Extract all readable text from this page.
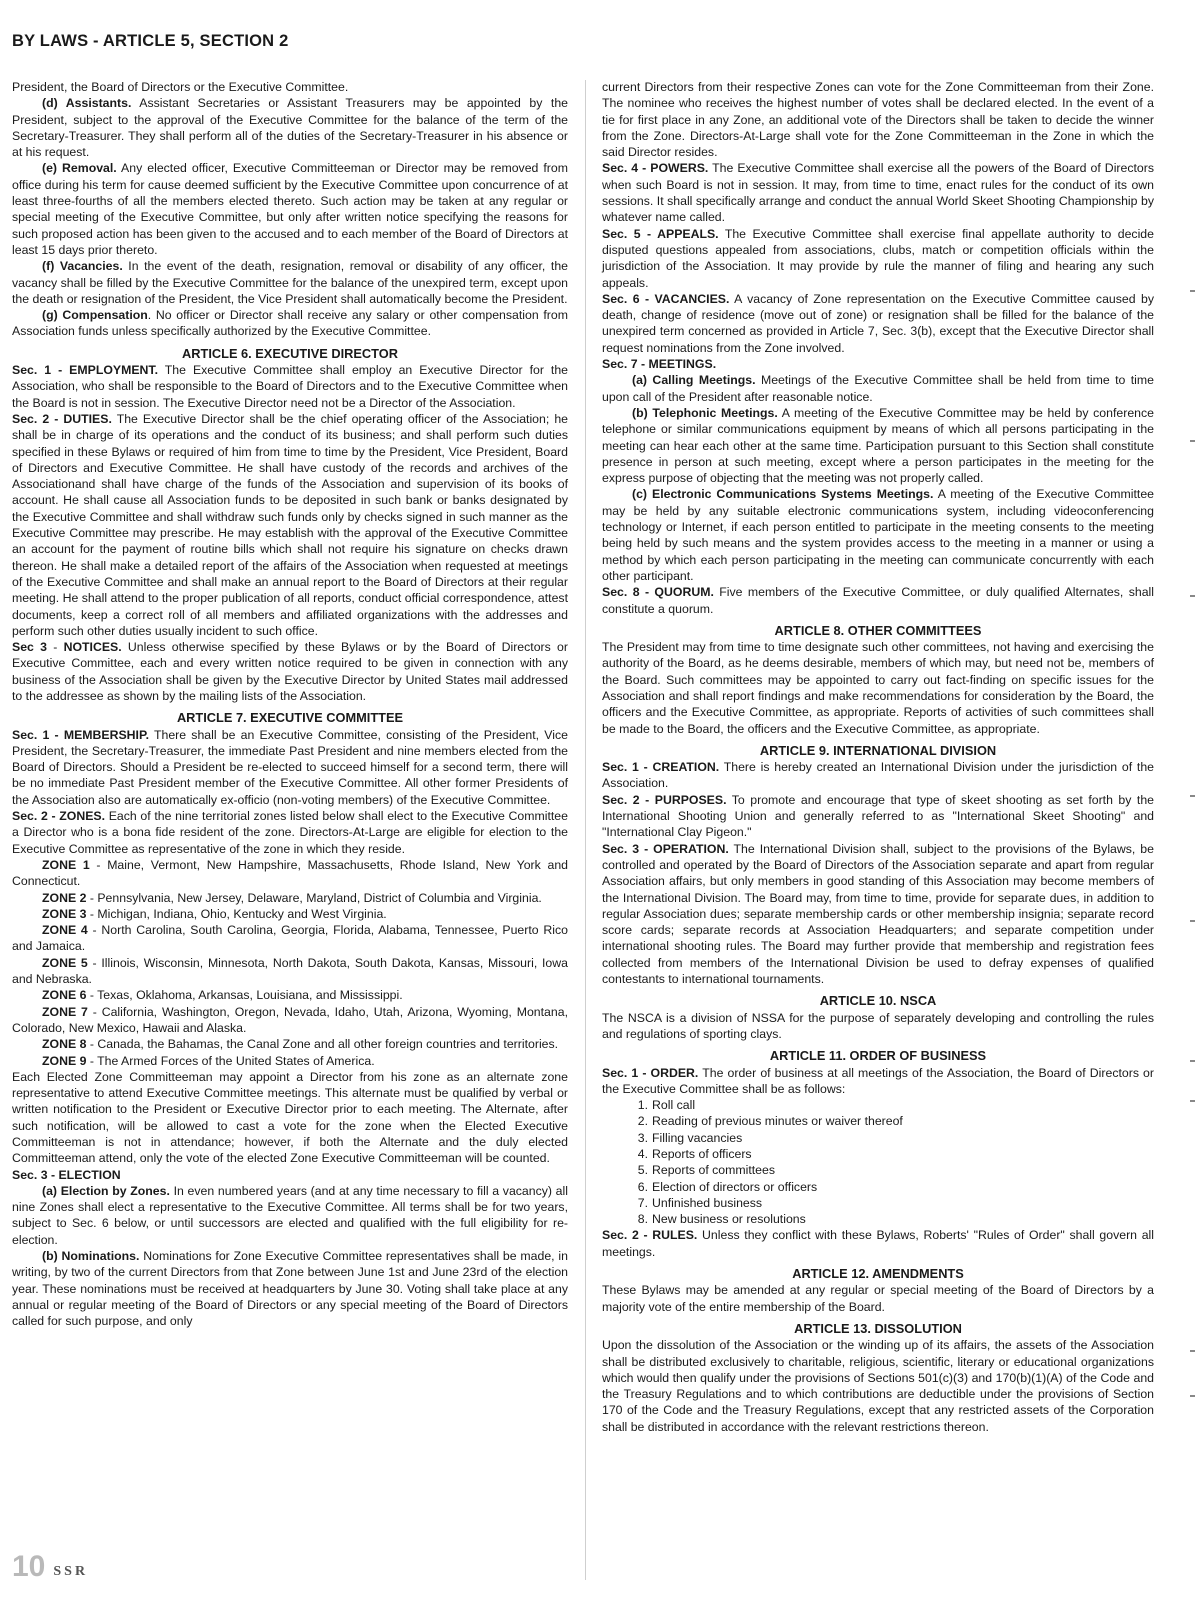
BY LAWS - ARTICLE 5, SECTION 2

President, the Board of Directors or the Executive Committee.

(d) Assistants. Assistant Secretaries or Assistant Treasurers may be appointed by the President, subject to the approval of the Executive Committee for the balance of the term of the Secretary-Treasurer. They shall perform all of the duties of the Secretary-Treasurer in his absence or at his request.

(e) Removal. Any elected officer, Executive Committeeman or Director may be removed from office during his term for cause deemed sufficient by the Executive Committee upon concurrence of at least three-fourths of all the members elected thereto. Such action may be taken at any regular or special meeting of the Executive Committee, but only after written notice specifying the reasons for such proposed action has been given to the accused and to each member of the Board of Directors at least 15 days prior thereto.

(f) Vacancies. In the event of the death, resignation, removal or disability of any officer, the vacancy shall be filled by the Executive Committee for the balance of the unexpired term, except upon the death or resignation of the President, the Vice President shall automatically become the President.

(g) Compensation. No officer or Director shall receive any salary or other compensation from Association funds unless specifically authorized by the Executive Committee.

ARTICLE 6. EXECUTIVE DIRECTOR

Sec. 1 - EMPLOYMENT. The Executive Committee shall employ an Executive Director for the Association, who shall be responsible to the Board of Directors and to the Executive Committee when the Board is not in session. The Executive Director need not be a Director of the Association.

Sec. 2 - DUTIES. The Executive Director shall be the chief operating officer of the Association; he shall be in charge of its operations and the conduct of its business; and shall perform such duties specified in these Bylaws or required of him from time to time by the President, Vice President, Board of Directors and Executive Committee. He shall have custody of the records and archives of the Associationand shall have charge of the funds of the Association and supervision of its books of account. He shall cause all Association funds to be deposited in such bank or banks designated by the Executive Committee and shall withdraw such funds only by checks signed in such manner as the Executive Committee may prescribe. He may establish with the approval of the Executive Committee an account for the payment of routine bills which shall not require his signature on checks drawn thereon. He shall make a detailed report of the affairs of the Association when requested at meetings of the Executive Committee and shall make an annual report to the Board of Directors at their regular meeting. He shall attend to the proper publication of all reports, conduct official correspondence, attest documents, keep a correct roll of all members and affiliated organizations with the addresses and perform such other duties usually incident to such office.

Sec 3 - NOTICES. Unless otherwise specified by these Bylaws or by the Board of Directors or Executive Committee, each and every written notice required to be given in connection with any business of the Association shall be given by the Executive Director by United States mail addressed to the addressee as shown by the mailing lists of the Association.

ARTICLE 7. EXECUTIVE COMMITTEE

Sec. 1 - MEMBERSHIP. There shall be an Executive Committee, consisting of the President, Vice President, the Secretary-Treasurer, the immediate Past President and nine members elected from the Board of Directors. Should a President be re-elected to succeed himself for a second term, there will be no immediate Past President member of the Executive Committee. All other former Presidents of the Association also are automatically ex-officio (non-voting members) of the Executive Committee.

Sec. 2 - ZONES. Each of the nine territorial zones listed below shall elect to the Executive Committee a Director who is a bona fide resident of the zone. Directors-At-Large are eligible for election to the Executive Committee as representative of the zone in which they reside.

ZONE 1 - Maine, Vermont, New Hampshire, Massachusetts, Rhode Island, New York and Connecticut.

ZONE 2 - Pennsylvania, New Jersey, Delaware, Maryland, District of Columbia and Virginia.

ZONE 3 - Michigan, Indiana, Ohio, Kentucky and West Virginia.

ZONE 4 - North Carolina, South Carolina, Georgia, Florida, Alabama, Tennessee, Puerto Rico and Jamaica.

ZONE 5 - Illinois, Wisconsin, Minnesota, North Dakota, South Dakota, Kansas, Missouri, Iowa and Nebraska.

ZONE 6 - Texas, Oklahoma, Arkansas, Louisiana, and Mississippi.

ZONE 7 - California, Washington, Oregon, Nevada, Idaho, Utah, Arizona, Wyoming, Montana, Colorado, New Mexico, Hawaii and Alaska.

ZONE 8 - Canada, the Bahamas, the Canal Zone and all other foreign countries and territories.

ZONE 9 - The Armed Forces of the United States of America.

Each Elected Zone Committeeman may appoint a Director from his zone as an alternate zone representative to attend Executive Committee meetings. This alternate must be qualified by verbal or written notification to the President or Executive Director prior to each meeting. The Alternate, after such notification, will be allowed to cast a vote for the zone when the Elected Executive Committeeman is not in attendance; however, if both the Alternate and the duly elected Committeeman attend, only the vote of the elected Zone Executive Committeeman will be counted.

Sec. 3 - ELECTION

(a) Election by Zones. In even numbered years (and at any time necessary to fill a vacancy) all nine Zones shall elect a representative to the Executive Committee. All terms shall be for two years, subject to Sec. 6 below, or until successors are elected and qualified with the full eligibility for re-election.

(b) Nominations. Nominations for Zone Executive Committee representatives shall be made, in writing, by two of the current Directors from that Zone between June 1st and June 23rd of the election year. These nominations must be received at headquarters by June 30. Voting shall take place at any annual or regular meeting of the Board of Directors or any special meeting of the Board of Directors called for such purpose, and only

current Directors from their respective Zones can vote for the Zone Committeeman from their Zone. The nominee who receives the highest number of votes shall be declared elected. In the event of a tie for first place in any Zone, an additional vote of the Directors shall be taken to decide the winner from the Zone. Directors-At-Large shall vote for the Zone Committeeman in the Zone in which the said Director resides.

Sec. 4 - POWERS. The Executive Committee shall exercise all the powers of the Board of Directors when such Board is not in session. It may, from time to time, enact rules for the conduct of its own sessions. It shall specifically arrange and conduct the annual World Skeet Shooting Championship by whatever name called.

Sec. 5 - APPEALS. The Executive Committee shall exercise final appellate authority to decide disputed questions appealed from associations, clubs, match or competition officials within the jurisdiction of the Association. It may provide by rule the manner of filing and hearing any such appeals.

Sec. 6 - VACANCIES. A vacancy of Zone representation on the Executive Committee caused by death, change of residence (move out of zone) or resignation shall be filled for the balance of the unexpired term concerned as provided in Article 7, Sec. 3(b), except that the Executive Director shall request nominations from the Zone involved.

Sec. 7 - MEETINGS.

(a) Calling Meetings. Meetings of the Executive Committee shall be held from time to time upon call of the President after reasonable notice.

(b) Telephonic Meetings. A meeting of the Executive Committee may be held by conference telephone or similar communications equipment by means of which all persons participating in the meeting can hear each other at the same time. Participation pursuant to this Section shall constitute presence in person at such meeting, except where a person participates in the meeting for the express purpose of objecting that the meeting was not properly called.

(c) Electronic Communications Systems Meetings. A meeting of the Executive Committee may be held by any suitable electronic communications system, including videoconferencing technology or Internet, if each person entitled to participate in the meeting consents to the meeting being held by such means and the system provides access to the meeting in a manner or using a method by which each person participating in the meeting can communicate concurrently with each other participant.

Sec. 8 - QUORUM. Five members of the Executive Committee, or duly qualified Alternates, shall constitute a quorum.

ARTICLE 8. OTHER COMMITTEES

The President may from time to time designate such other committees, not having and exercising the authority of the Board, as he deems desirable, members of which may, but need not be, members of the Board. Such committees may be appointed to carry out fact-finding on specific issues for the Association and shall report findings and make recommendations for consideration by the Board, the officers and the Executive Committee, as appropriate. Reports of activities of such committees shall be made to the Board, the officers and the Executive Committee, as appropriate.

ARTICLE 9. INTERNATIONAL DIVISION

Sec. 1 - CREATION. There is hereby created an International Division under the jurisdiction of the Association.

Sec. 2 - PURPOSES. To promote and encourage that type of skeet shooting as set forth by the International Shooting Union and generally referred to as "International Skeet Shooting" and "International Clay Pigeon."

Sec. 3 - OPERATION. The International Division shall, subject to the provisions of the Bylaws, be controlled and operated by the Board of Directors of the Association separate and apart from regular Association affairs, but only members in good standing of this Association may become members of the International Division. The Board may, from time to time, provide for separate dues, in addition to regular Association dues; separate membership cards or other membership insignia; separate record score cards; separate records at Association Headquarters; and separate competition under international shooting rules. The Board may further provide that membership and registration fees collected from members of the International Division be used to defray expenses of qualified contestants to international tournaments.

ARTICLE 10. NSCA

The NSCA is a division of NSSA for the purpose of separately developing and controlling the rules and regulations of sporting clays.

ARTICLE 11. ORDER OF BUSINESS

Sec. 1 - ORDER. The order of business at all meetings of the Association, the Board of Directors or the Executive Committee shall be as follows:

1. Roll call
2. Reading of previous minutes or waiver thereof
3. Filling vacancies
4. Reports of officers
5. Reports of committees
6. Election of directors or officers
7. Unfinished business
8. New business or resolutions

Sec. 2 - RULES. Unless they conflict with these Bylaws, Roberts' "Rules of Order" shall govern all meetings.

ARTICLE 12. AMENDMENTS

These Bylaws may be amended at any regular or special meeting of the Board of Directors by a majority vote of the entire membership of the Board.

ARTICLE 13. DISSOLUTION

Upon the dissolution of the Association or the winding up of its affairs, the assets of the Association shall be distributed exclusively to charitable, religious, scientific, literary or educational organizations which would then qualify under the provisions of Sections 501(c)(3) and 170(b)(1)(A) of the Code and the Treasury Regulations and to which contributions are deductible under the provisions of Section 170 of the Code and the Treasury Regulations, except that any restricted assets of the Corporation shall be distributed in accordance with the relevant restrictions thereon.

10 SSR
